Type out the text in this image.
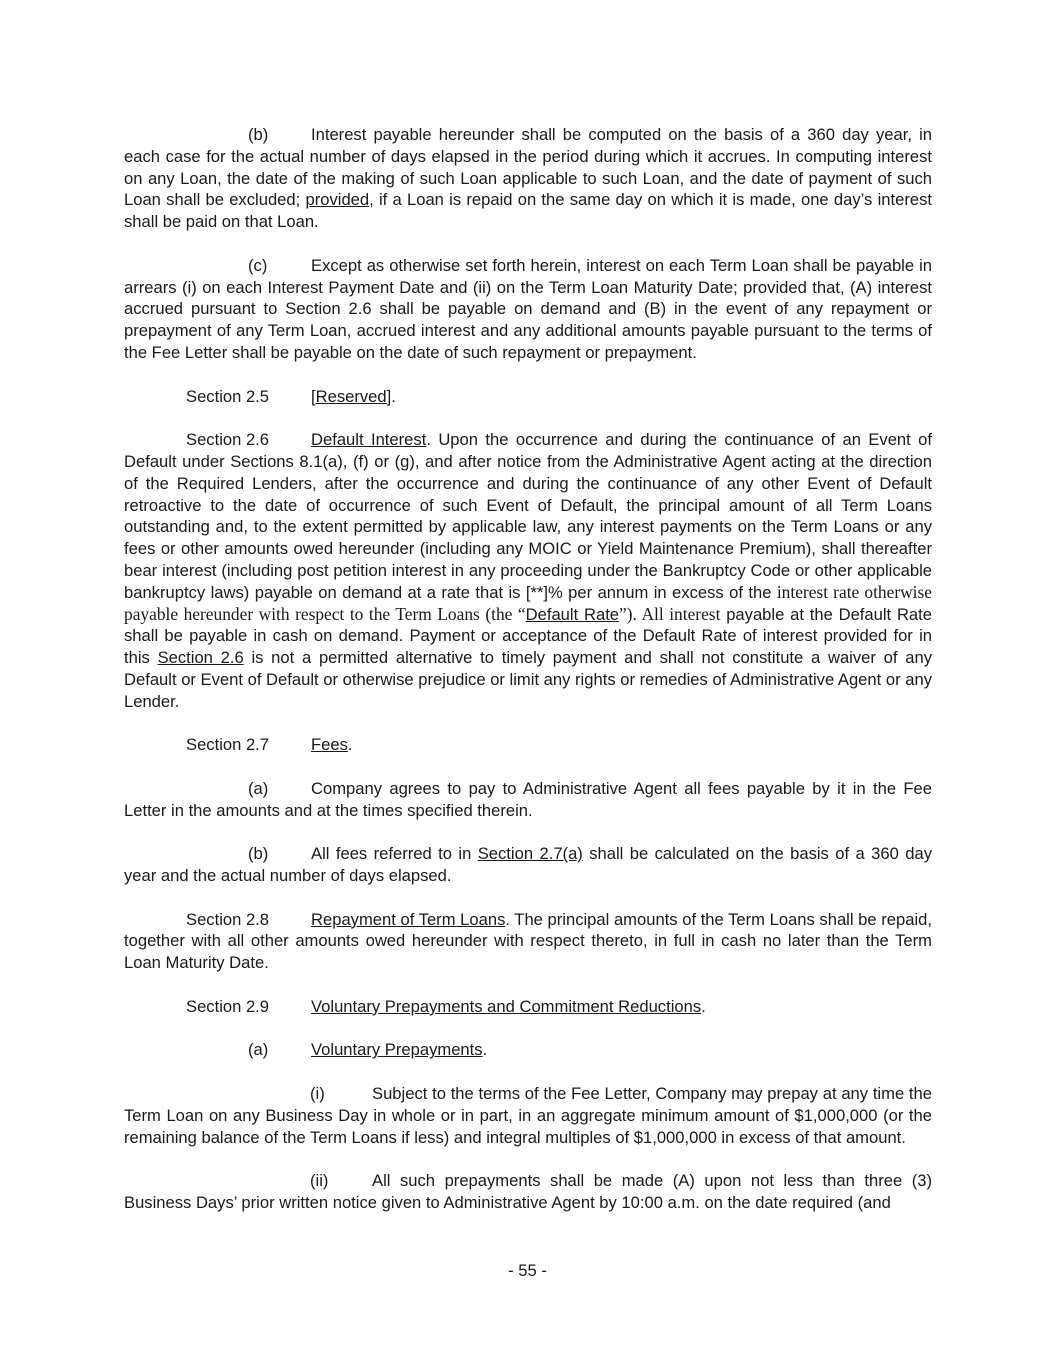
(b)	Interest payable hereunder shall be computed on the basis of a 360 day year, in each case for the actual number of days elapsed in the period during which it accrues. In computing interest on any Loan, the date of the making of such Loan applicable to such Loan, and the date of payment of such Loan shall be excluded; provided, if a Loan is repaid on the same day on which it is made, one day’s interest shall be paid on that Loan.

(c)	Except as otherwise set forth herein, interest on each Term Loan shall be payable in arrears (i) on each Interest Payment Date and (ii) on the Term Loan Maturity Date; provided that, (A) interest accrued pursuant to Section 2.6 shall be payable on demand and (B) in the event of any repayment or prepayment of any Term Loan, accrued interest and any additional amounts payable pursuant to the terms of the Fee Letter shall be payable on the date of such repayment or prepayment.

Section 2.5	[Reserved].

Section 2.6	Default Interest. Upon the occurrence and during the continuance of an Event of Default under Sections 8.1(a), (f) or (g), and after notice from the Administrative Agent acting at the direction of the Required Lenders, after the occurrence and during the continuance of any other Event of Default retroactive to the date of occurrence of such Event of Default, the principal amount of all Term Loans outstanding and, to the extent permitted by applicable law, any interest payments on the Term Loans or any fees or other amounts owed hereunder (including any MOIC or Yield Maintenance Premium), shall thereafter bear interest (including post petition interest in any proceeding under the Bankruptcy Code or other applicable bankruptcy laws) payable on demand at a rate that is [**]% per annum in excess of the interest rate otherwise payable hereunder with respect to the Term Loans (the “Default Rate”). All interest payable at the Default Rate shall be payable in cash on demand. Payment or acceptance of the Default Rate of interest provided for in this Section 2.6 is not a permitted alternative to timely payment and shall not constitute a waiver of any Default or Event of Default or otherwise prejudice or limit any rights or remedies of Administrative Agent or any Lender.

Section 2.7	Fees.

(a)	Company agrees to pay to Administrative Agent all fees payable by it in the Fee Letter in the amounts and at the times specified therein.

(b)	All fees referred to in Section 2.7(a) shall be calculated on the basis of a 360 day year and the actual number of days elapsed.

Section 2.8	Repayment of Term Loans. The principal amounts of the Term Loans shall be repaid, together with all other amounts owed hereunder with respect thereto, in full in cash no later than the Term Loan Maturity Date.

Section 2.9	Voluntary Prepayments and Commitment Reductions.

(a)	Voluntary Prepayments.

(i)	Subject to the terms of the Fee Letter, Company may prepay at any time the Term Loan on any Business Day in whole or in part, in an aggregate minimum amount of $1,000,000 (or the remaining balance of the Term Loans if less) and integral multiples of $1,000,000 in excess of that amount.

(ii)	All such prepayments shall be made (A) upon not less than three (3) Business Days’ prior written notice given to Administrative Agent by 10:00 a.m. on the date required (and

- 55 -
